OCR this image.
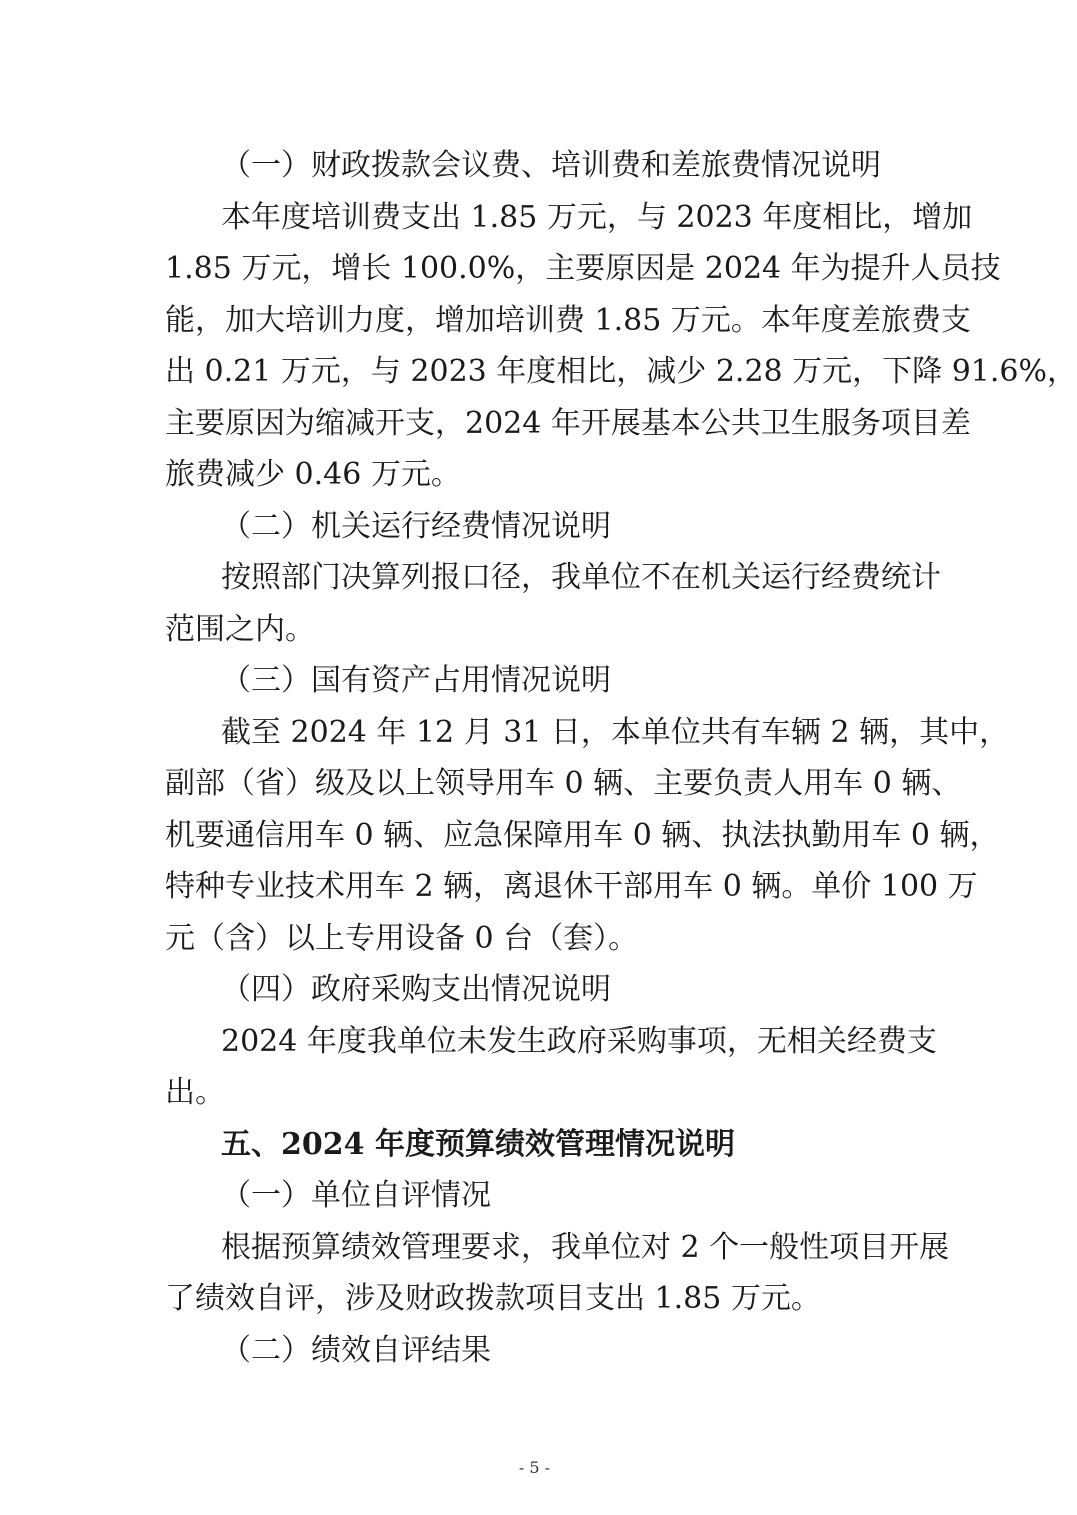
（一）财政拨款会议费、培训费和差旅费情况说明
本年度培训费支出 1.85 万元，与 2023 年度相比，增加
1.85 万元，增长 100.0%，主要原因是 2024 年为提升人员技
能，加大培训力度，增加培训费 1.85 万元。本年度差旅费支
出 0.21 万元，与 2023 年度相比，减少 2.28 万元，下降 91.6%，
主要原因为缩减开支，2024 年开展基本公共卫生服务项目差
旅费减少 0.46 万元。
（二）机关运行经费情况说明
按照部门决算列报口径，我单位不在机关运行经费统计
范围之内。
（三）国有资产占用情况说明
截至 2024 年 12 月 31 日，本单位共有车辆 2 辆，其中，
副部（省）级及以上领导用车 0 辆、主要负责人用车 0 辆、
机要通信用车 0 辆、应急保障用车 0 辆、执法执勤用车 0 辆，
特种专业技术用车 2 辆，离退休干部用车 0 辆。单价 100 万
元（含）以上专用设备 0 台（套）。
（四）政府采购支出情况说明
2024 年度我单位未发生政府采购事项，无相关经费支
出。
五、2024 年度预算绩效管理情况说明
（一）单位自评情况
根据预算绩效管理要求，我单位对 2 个一般性项目开展
了绩效自评，涉及财政拨款项目支出 1.85 万元。
（二）绩效自评结果
- 5 -
